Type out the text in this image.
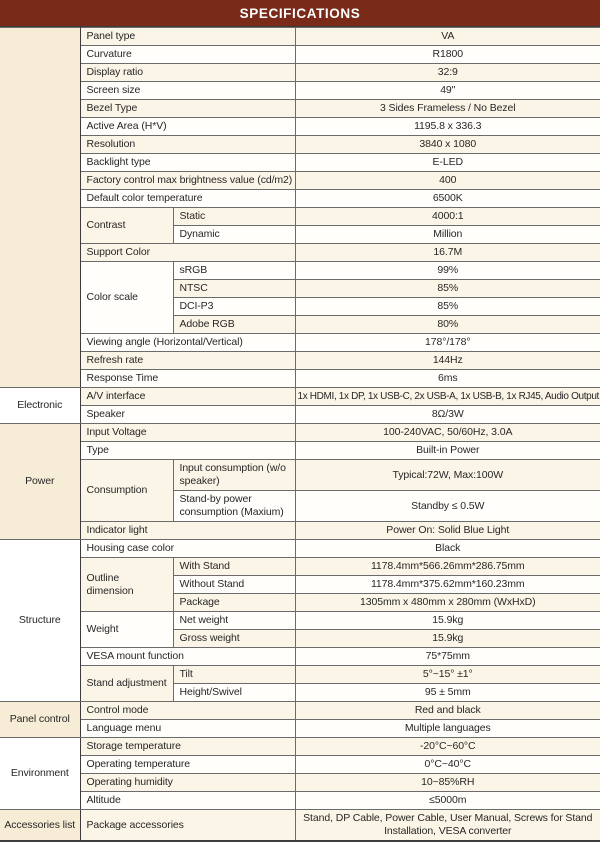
SPECIFICATIONS
	Panel type		VA
	Curvature		R1800
	Display ratio		32:9
	Screen size		49"
	Bezel Type		3 Sides Frameless / No Bezel
	Active Area (H*V)		1195.8 x 336.3
	Resolution		3840 x 1080
	Backlight type		E-LED
	Factory control max brightness value (cd/m2)		400
	Default color temperature		6500K
	Contrast	Static	4000:1
		Dynamic	Million
	Support Color		16.7M
	Color scale	sRGB	99%
		NTSC	85%
		DCI-P3	85%
		Adobe RGB	80%
	Viewing angle (Horizontal/Vertical)		178°/178°
	Refresh rate		144Hz
	Response Time		6ms
Electronic	A/V interface		1x HDMI, 1x DP, 1x USB-C, 2x USB-A, 1x USB-B, 1x RJ45, Audio Output
	Speaker		8Ω/3W
Power	Input Voltage		100-240VAC, 50/60Hz, 3.0A
	Type		Built-in Power
	Consumption	Input consumption (w/o speaker)	Typical:72W, Max:100W
		Stand-by power consumption (Maxium)	Standby ≤ 0.5W
	Indicator light		Power On: Solid Blue Light
Structure	Housing case color		Black
	Outline dimension	With Stand	1178.4mm*566.26mm*286.75mm
		Without Stand	1178.4mm*375.62mm*160.23mm
		Package	1305mm x 480mm x 280mm (WxHxD)
	Weight	Net weight	15.9kg
		Gross weight	15.9kg
	VESA mount function		75*75mm
	Stand adjustment	Tilt	5°~15° ±1°
		Height/Swivel	95 ± 5mm
Panel control	Control mode		Red and black
	Language menu		Multiple languages
Environment	Storage temperature		-20°C~60°C
	Operating temperature		0°C~40°C
	Operating humidity		10~85%RH
	Altitude		≤5000m
Accessories list	Package accessories		Stand, DP Cable, Power Cable, User Manual, Screws for Stand Installation, VESA converter
